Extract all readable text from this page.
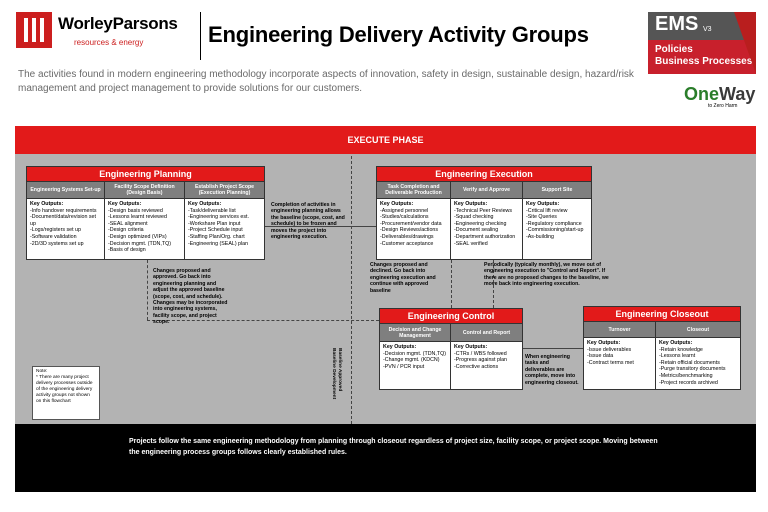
WorleyParsons
resources & energy	Engineering Delivery Activity Groups	EMS V3
Policies
Business Processes
OneWay
to Zero Harm
The activities found in modern engineering methodology incorporate aspects of innovation, safety in design, sustainable design, hazard/risk management and project management to provide solutions for our customers.
EXECUTE PHASE
Engineering Planning
Engineering Systems Set-up
Key Outputs:
-Info handover requirements
-Document/data/revision set up
-Logs/registers set up
-Software validation
-2D/3D systems set up
Facility Scope Definition (Design Basis)
Key Outputs:
-Design basis reviewed
-Lessons learnt reviewed
-SEAL alignment
-Design criteria
-Design optimized (VIPs)
-Decision mgmt. (TDN,TQ)
-Basis of design
Establish Project Scope (Execution Planning)
Key Outputs:
-Task/deliverable list
-Engineering services est.
-Workshare Plan input
-Project Schedule input
-Staffing Plan/Org. chart
-Engineering (SEAL) plan
Engineering Execution
Task Completion and Deliverable Production
Key Outputs:
-Assigned personnel
-Studies/calculations
-Procurement/vendor data
-Design Reviews/actions
-Deliverables/drawings
-Customer acceptance
Verify and Approve
Key Outputs:
-Technical Peer Reviews
-Squad checking
-Engineering checking
-Document sealing
-Department authorization
-SEAL verified
Support Site
Key Outputs:
-Critical lift review
-Site Queries
-Regulatory compliance
-Commissioning/start-up
-As-building
Engineering Control
Decision and Change Management
Key Outputs:
-Decision mgmt. (TDN,TQ)
-Change mgmt. (KDCN)
-PVN / PCR input
Control and Report
Key Outputs:
-CTRs / WBS followed
-Progress against plan
-Corrective actions
Engineering Closeout
Turnover
Key Outputs:
-Issue deliverables
-Issue data
-Contract terms met
Closeout
Key Outputs:
-Retain knowledge
-Lessons learnt
-Retain official documents
-Purge transitory documents
-Metrics/benchmarking
-Project records archived
Completion of activities in engineering planning allows the baseline (scope, cost, and schedule) to be frozen and moves the project into engineering execution.
Changes proposed and approved. Go back into engineering planning and adjust the approved baseline (scope, cost, and schedule). Changes may be incorporated into engineering systems, facility scope, and project scope.
Changes proposed and declined. Go back into engineering execution and continue with approved baseline
Periodically (typically monthly), we move out of engineering execution to "Control and Report". If there are no proposed changes to the baseline, we move back into engineering execution.
When engineering tasks and deliverables are complete, move into engineering closeout.
Baseline Approved
Baseline Development
Note:
* There are many project delivery processes outside of the engineering delivery activity groups not shown on this flowchart
Projects follow the same engineering methodology from planning through closeout regardless of project size, facility scope, or project scope. Moving between the engineering process groups follows clearly established rules.
